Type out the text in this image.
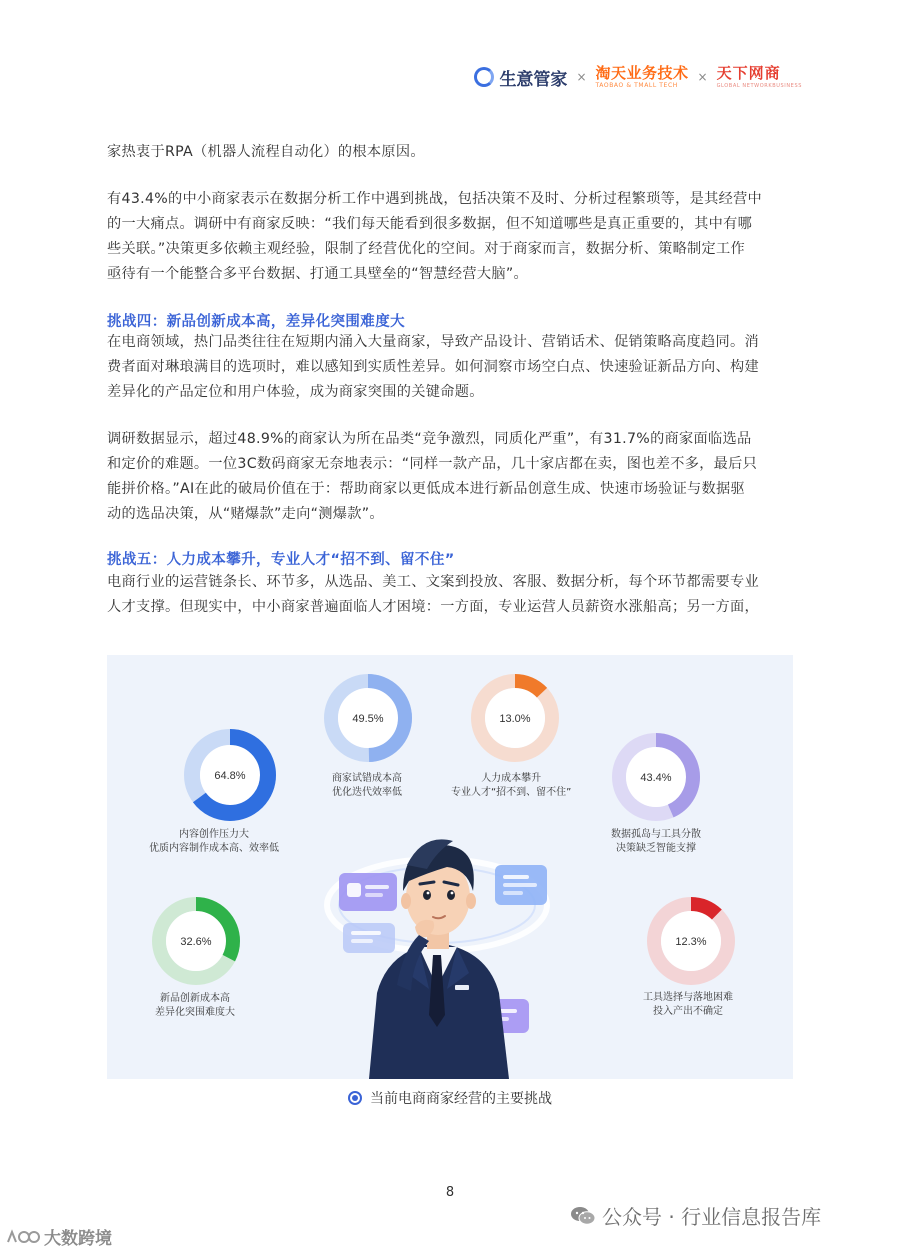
生意管家 × 淘天业务技术
TAOBAO & TMALL TECH
× 天下网商
GLOBAL NETWORKBUSINESS

家热衷于RPA（机器人流程自动化）的根本原因。

有43.4%的中小商家表示在数据分析工作中遇到挑战，包括决策不及时、分析过程繁琐等，是其经营中

的一大痛点。调研中有商家反映：“我们每天能看到很多数据，但不知道哪些是真正重要的，其中有哪

些关联。”决策更多依赖主观经验，限制了经营优化的空间。对于商家而言，数据分析、策略制定工作

亟待有一个能整合多平台数据、打通工具壁垒的“智慧经营大脑”。

挑战四：新品创新成本高，差异化突围难度大

在电商领域，热门品类往往在短期内涌入大量商家，导致产品设计、营销话术、促销策略高度趋同。消

费者面对琳琅满目的选项时，难以感知到实质性差异。如何洞察市场空白点、快速验证新品方向、构建

差异化的产品定位和用户体验，成为商家突围的关键命题。

调研数据显示，超过48.9%的商家认为所在品类“竞争激烈，同质化严重”，有31.7%的商家面临选品

和定价的难题。一位3C数码商家无奈地表示：“同样一款产品，几十家店都在卖，图也差不多，最后只

能拼价格。”AI在此的破局价值在于：帮助商家以更低成本进行新品创意生成、快速市场验证与数据驱

动的选品决策，从“赌爆款”走向“测爆款”。

挑战五：人力成本攀升，专业人才“招不到、留不住”

电商行业的运营链条长、环节多，从选品、美工、文案到投放、客服、数据分析，每个环节都需要专业

人才支撑。但现实中，中小商家普遍面临人才困境：一方面，专业运营人员薪资水涨船高；另一方面，

64.8%
49.5%	13.0%
43.4%
32.6%	12.3%
内容创作压力大
优质内容制作成本高、效率低
商家试错成本高
优化迭代效率低
人力成本攀升
专业人才“招不到、留不住”
数据孤岛与工具分散
决策缺乏智能支撑
新品创新成本高
差异化突围难度大
工具选择与落地困难
投入产出不确定
当前电商商家经营的主要挑战
8
公众号 · 行业信息报告库
大数跨境
